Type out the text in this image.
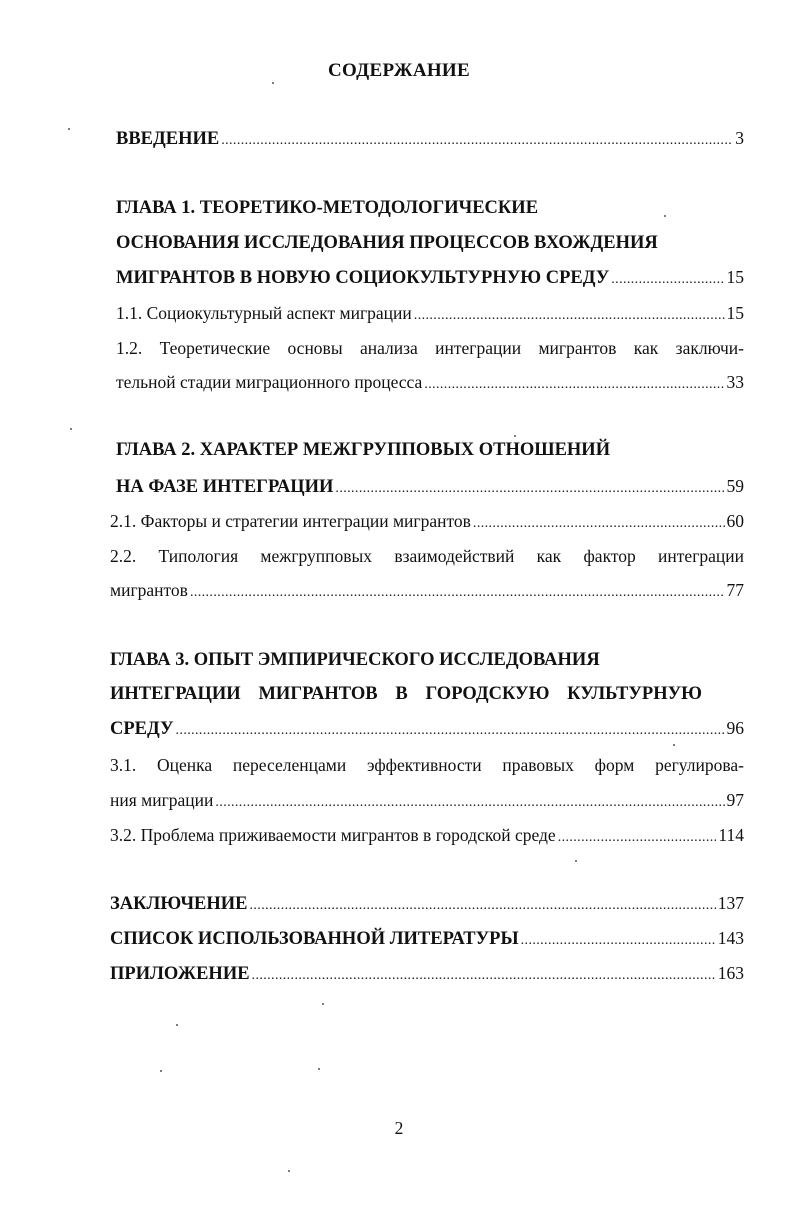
СОДЕРЖАНИЕ
ВВЕДЕНИЕ .....	3
ГЛАВА 1. ТЕОРЕТИКО-МЕТОДОЛОГИЧЕСКИЕ
ОСНОВАНИЯ ИССЛЕДОВАНИЯ ПРОЦЕССОВ ВХОЖДЕНИЯ
МИГРАНТОВ В НОВУЮ СОЦИОКУЛЬТУРНУЮ СРЕДУ .....	15
1.1. Социокультурный аспект миграции .....	15
1.2. Теоретические основы анализа интеграции мигрантов как заключи-
тельной стадии миграционного процесса .....	33
ГЛАВА 2. ХАРАКТЕР МЕЖГРУППОВЫХ ОТНОШЕНИЙ
НА ФАЗЕ ИНТЕГРАЦИИ .....	59
2.1. Факторы и стратегии интеграции мигрантов .....	60
2.2. Типология межгрупповых взаимодействий как фактор интеграции
мигрантов .....	77
ГЛАВА 3. ОПЫТ ЭМПИРИЧЕСКОГО ИССЛЕДОВАНИЯ
ИНТЕГРАЦИИ МИГРАНТОВ В ГОРОДСКУЮ КУЛЬТУРНУЮ
СРЕДУ .....	96
3.1. Оценка переселенцами эффективности правовых форм регулирова-
ния миграции .....	97
3.2. Проблема приживаемости мигрантов в городской среде .....	114
ЗАКЛЮЧЕНИЕ .....	137
СПИСОК ИСПОЛЬЗОВАННОЙ ЛИТЕРАТУРЫ .....	143
ПРИЛОЖЕНИЕ .....	163
2
